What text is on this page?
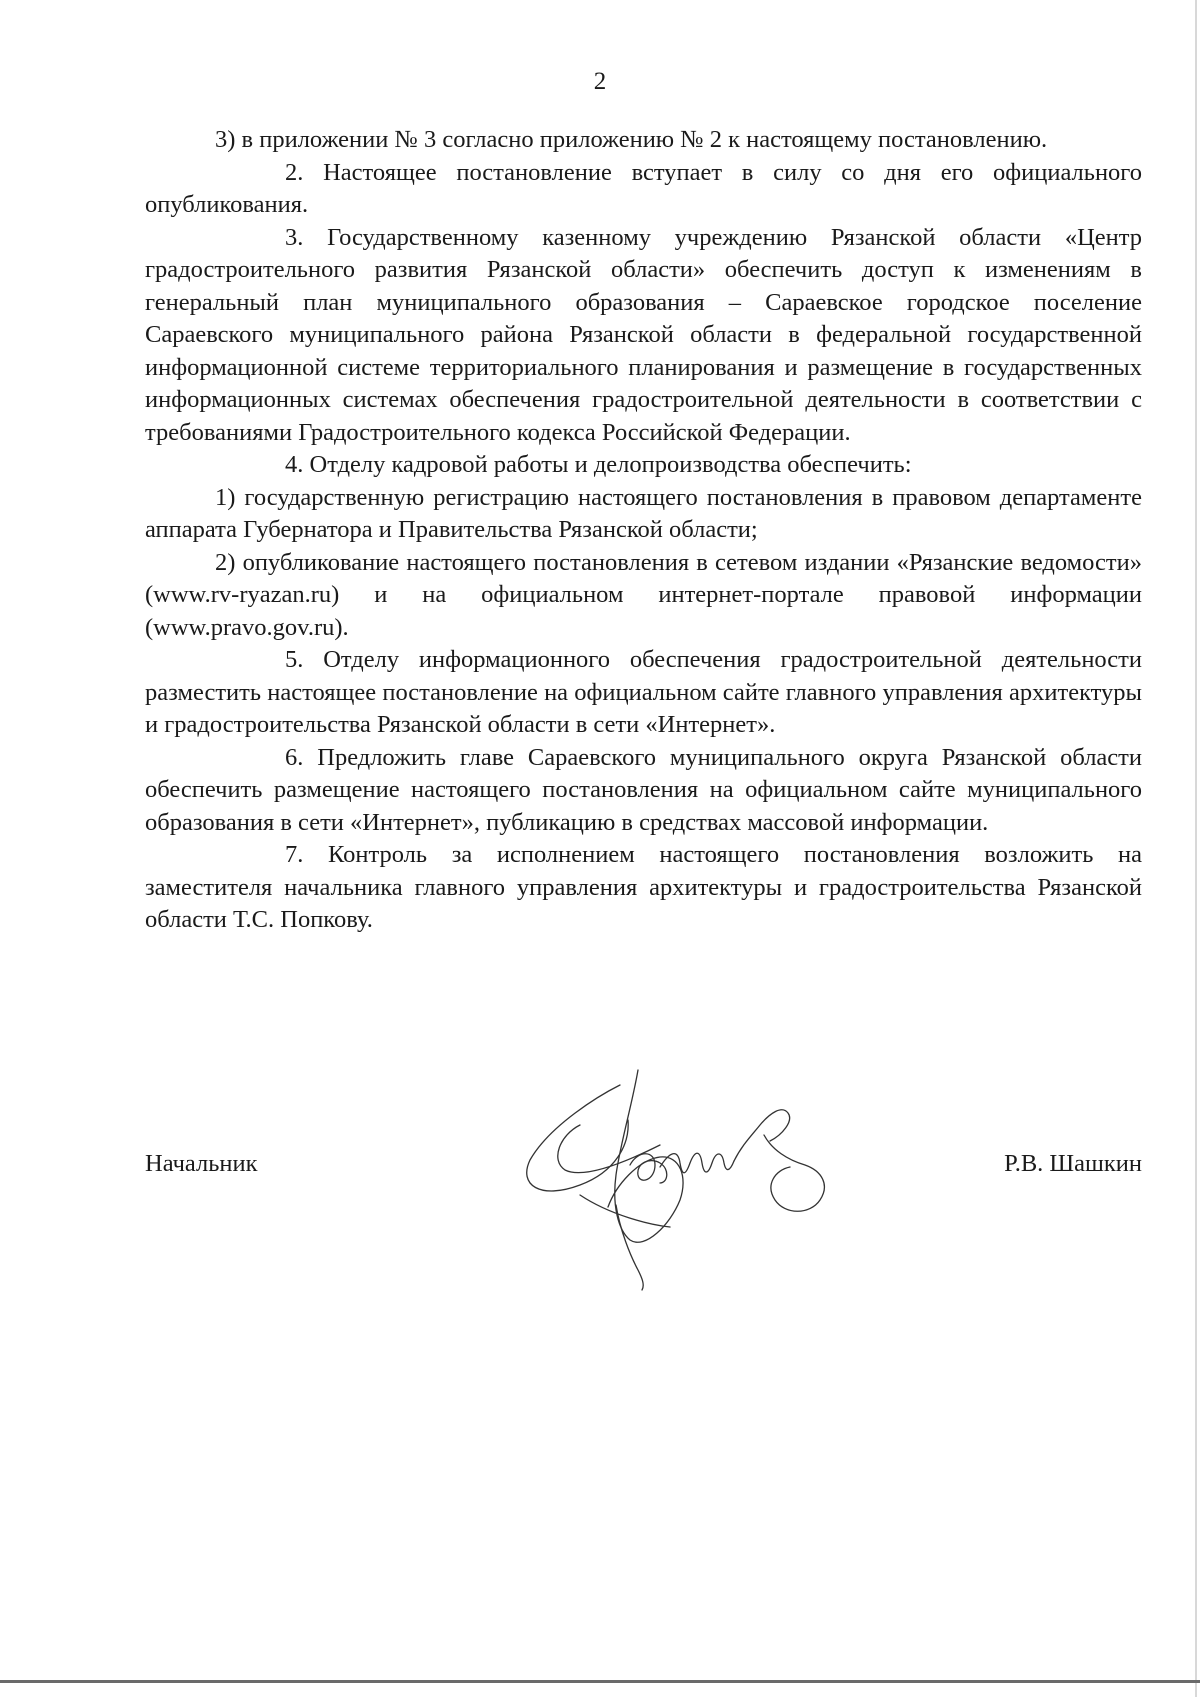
2

3) в приложении № 3 согласно приложению № 2 к настоящему постановлению.

2. Настоящее постановление вступает в силу со дня его официального опубликования.

3. Государственному казенному учреждению Рязанской области «Центр градостроительного развития Рязанской области» обеспечить доступ к изменениям в генеральный план муниципального образования – Сараевское городское поселение Сараевского муниципального района Рязанской области в федеральной государственной информационной системе территориального планирования и размещение в государственных информационных системах обеспечения градостроительной деятельности в соответствии с требованиями Градостроительного кодекса Российской Федерации.

4. Отделу кадровой работы и делопроизводства обеспечить:

1) государственную регистрацию настоящего постановления в правовом департаменте аппарата Губернатора и Правительства Рязанской области;

2) опубликование настоящего постановления в сетевом издании «Рязанские ведомости» (www.rv-ryazan.ru) и на официальном интернет-портале правовой информации (www.pravo.gov.ru).

5. Отделу информационного обеспечения градостроительной деятельности разместить настоящее постановление на официальном сайте главного управления архитектуры и градостроительства Рязанской области в сети «Интернет».

6. Предложить главе Сараевского муниципального округа Рязанской области обеспечить размещение настоящего постановления на официальном сайте муниципального образования в сети «Интернет», публикацию в средствах массовой информации.

7. Контроль за исполнением настоящего постановления возложить на заместителя начальника главного управления архитектуры и градостроительства Рязанской области Т.С. Попкову.

Начальник	Р.В. Шашкин
